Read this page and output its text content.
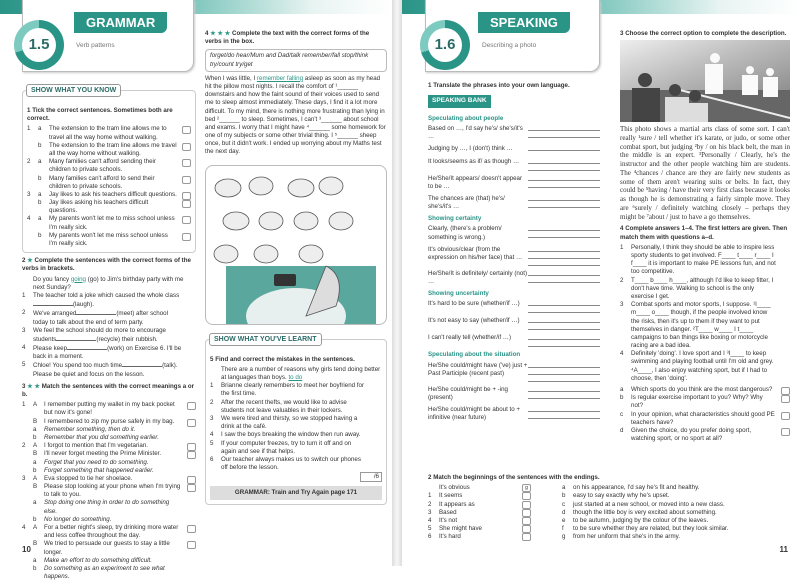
1.5
GRAMMAR
Verb patterns
SHOW WHAT YOU KNOW
1 Tick the correct sentences. Sometimes both are correct.
1	a	The extension to the tram line allows me to travel all the way home without walking.
b	The extension to the tram line allows me travel all the way home without walking.
2	a	Many families can't afford sending their children to private schools.
b	Many families can't afford to send their children to private schools.
3	a	Jay likes to ask his teachers difficult questions.
b	Jay likes asking his teachers difficult questions.
4	a	My parents won't let me to miss school unless I'm really sick.
b	My parents won't let me miss school unless I'm really sick.
2 ★ Complete the sentences with the correct forms of the verbs in brackets.
Do you fancy going (go) to Jim's birthday party with me next Sunday?
1	The teacher told a joke which caused the whole class(laugh).
2	We've arranged	(meet) after school today to talk about the end of term party.
3	We feel the school should do more to encourage students	(recycle) their rubbish.
4	Please keep	(work) on Exercise 6. I'll be back in a moment.
5	Chloe! You spend too much time	(talk). Please be quiet and focus on the lesson.
3 ★ ★ Match the sentences with the correct meanings a or b.
1	A	I remember putting my wallet in my back pocket but now it's gone!
B	I remembered to zip my purse safely in my bag.
a	Remember something, then do it.
b	Remember that you did something earlier.
2	A	I forgot to mention that I'm vegetarian.
B	I'll never forget meeting the Prime Minister.
a	Forget that you need to do something.
b	Forget something that happened earlier.
3	A	Eva stopped to tie her shoelace.
B	Please stop looking at your phone when I'm trying to talk to you.
a	Stop doing one thing in order to do something else.
b	No longer do something.
4	A	For a better night's sleep, try drinking more water and less coffee throughout the day.
B	We tried to persuade our guests to stay a little longer.
a	Make an effort to do something difficult.
b	Do something as an experiment to see what happens.
10
4 ★ ★ ★ Complete the text with the correct forms of the verbs in the box.
forget/do hear/Mum and Dad/talk remember/fall stop/think try/count try/get
When I was little, I remember falling asleep as soon as my head hit the pillow most nights. I recall the comfort of ¹______ downstairs and how the faint sound of their voices used to send me to sleep almost immediately. These days, I find it a lot more difficult. To my mind, there is nothing more frustrating than lying in bed ²______ to sleep. Sometimes, I can't ³______ about school and exams. I worry that I might have ⁴______ some homework for one of my subjects or some other trivial thing. I ⁵______ sheep once, but it didn't work. I ended up worrying about my Maths test the next day.
SHOW WHAT YOU'VE LEARNT
5 Find and correct the mistakes in the sentences.
There are a number of reasons why girls tend doing better at languages than boys. to do
1	Brianne clearly remembers to meet her boyfriend for the first time.
2	After the recent thefts, we would like to advise students not leave valuables in their lockers.
3	We were tired and thirsty, so we stopped having a drink at the café.
4	I saw the boys breaking the window then run away.
5	If your computer freezes, try to turn it off and on again and see if that helps.
6	Our teacher always makes us to switch our phones off before the lesson.
/6
GRAMMAR: Train and Try Again page 171
1.6
SPEAKING
Describing a photo
1 Translate the phrases into your own language.
SPEAKING BANK
Speculating about people
Based on …, I'd say he's/ she's/it's …
Judging by …, I (don't) think …
It looks/seems as if/ as though …
He/She/It appears/ doesn't appear to be …
The chances are (that) he's/ she's/it's …
Showing certainty
Clearly, (there's a problem/ something is wrong.)
It's obvious/clear (from the expression on his/her face) that …
He/She/It is definitely/ certainly (not) …
Showing uncertainty
It's hard to be sure (whether/if …)
It's not easy to say (whether/if …)
I can't really tell (whether/if …)
Speculating about the situation
He/She could/might have ('ve) just + Past Participle (recent past)
He/She could/might be + -ing (present)
He/She could/might be about to + infinitive (near future)
3 Choose the correct option to complete the description.
This photo shows a martial arts class of some sort. I can't really ¹sure / tell whether it's karate, or judo, or some other combat sport, but judging ²by / on his black belt, the man in the middle is an expert. ³Personally / Clearly, he's the instructor and the other people watching him are students. The ⁴chances / chance are they are fairly new students as some of them aren't wearing suits or belts. In fact, they could be ⁵having / have their very first class because it looks as though he is demonstrating a fairly simple move. They are ⁶surely / definitely watching closely – perhaps they might be ⁷about / just to have a go themselves.
4 Complete answers 1–4. The first letters are given. Then match them with questions a–d.
1	Personally, I think they should be able to inspire less sporty students to get involved. F____ t____ r____ I f____ it is important to make PE lessons fun, and not too competitive.
2	T____ b____ h____, although I'd like to keep fitter, I don't have time. Walking to school is the only exercise I get.
3	Combat sports and motor sports, I suppose. ¹I____ m____ o____ though, if the people involved know the risks, then it's up to them if they want to put themselves in danger. ²T____ w____ I t____ campaigns to ban things like boxing or motorcycle racing are a bad idea.
4	Definitely 'doing'. I love sport and I ³I____ to keep swimming and playing football until I'm old and grey. ⁴A____, I also enjoy watching sport, but if I had to choose, then 'doing'.
a	Which sports do you think are the most dangerous?
b	Is regular exercise important to you? Why? Why not?
c	In your opinion, what characteristics should good PE teachers have?
d	Given the choice, do you prefer doing sport, watching sport, or no sport at all?
2 Match the beginnings of the sentences with the endings.
It's obvious	g
1	It seems
2	It appears as
3	Based
4	It's not
5	She might have
6	It's hard
a	on his appearance, I'd say he's fit and healthy.
b	easy to say exactly why he's upset.
c	just started at a new school, or moved into a new class.
d	though the little boy is very excited about something.
e	to be autumn, judging by the colour of the leaves.
f	to be sure whether they are related, but they look similar.
g	from her uniform that she's in the army.
11
